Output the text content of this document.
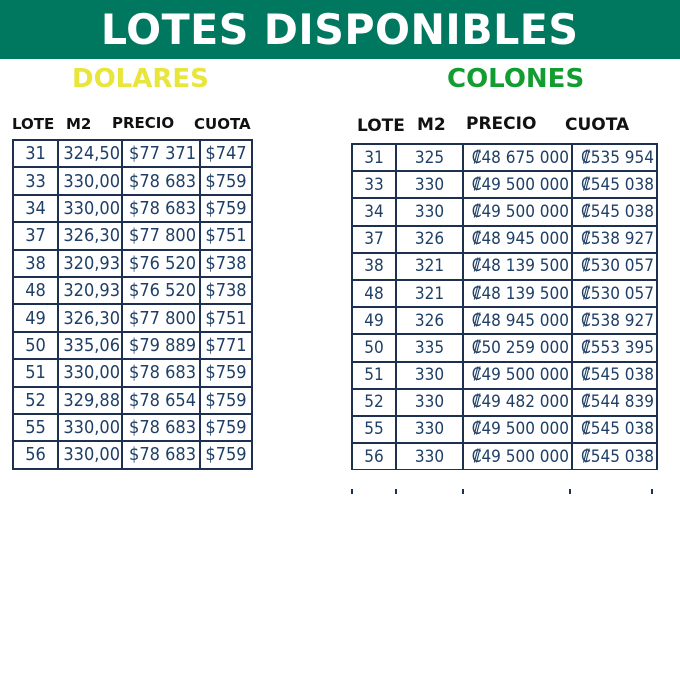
LOTES DISPONIBLES
DOLARES	COLONES
LOTE M2 PRECIO CUOTA	LOTE M2 PRECIO CUOTA
31	324,50	$77 371	$747
33	330,00	$78 683	$759
34	330,00	$78 683	$759
37	326,30	$77 800	$751
38	320,93	$76 520	$738
48	320,93	$76 520	$738
49	326,30	$77 800	$751
50	335,06	$79 889	$771
51	330,00	$78 683	$759
52	329,88	$78 654	$759
55	330,00	$78 683	$759
56	330,00	$78 683	$759
31	325	₡48 675 000	₡535 954
33	330	₡49 500 000	₡545 038
34	330	₡49 500 000	₡545 038
37	326	₡48 945 000	₡538 927
38	321	₡48 139 500	₡530 057
48	321	₡48 139 500	₡530 057
49	326	₡48 945 000	₡538 927
50	335	₡50 259 000	₡553 395
51	330	₡49 500 000	₡545 038
52	330	₡49 482 000	₡544 839
55	330	₡49 500 000	₡545 038
56	330	₡49 500 000	₡545 038
